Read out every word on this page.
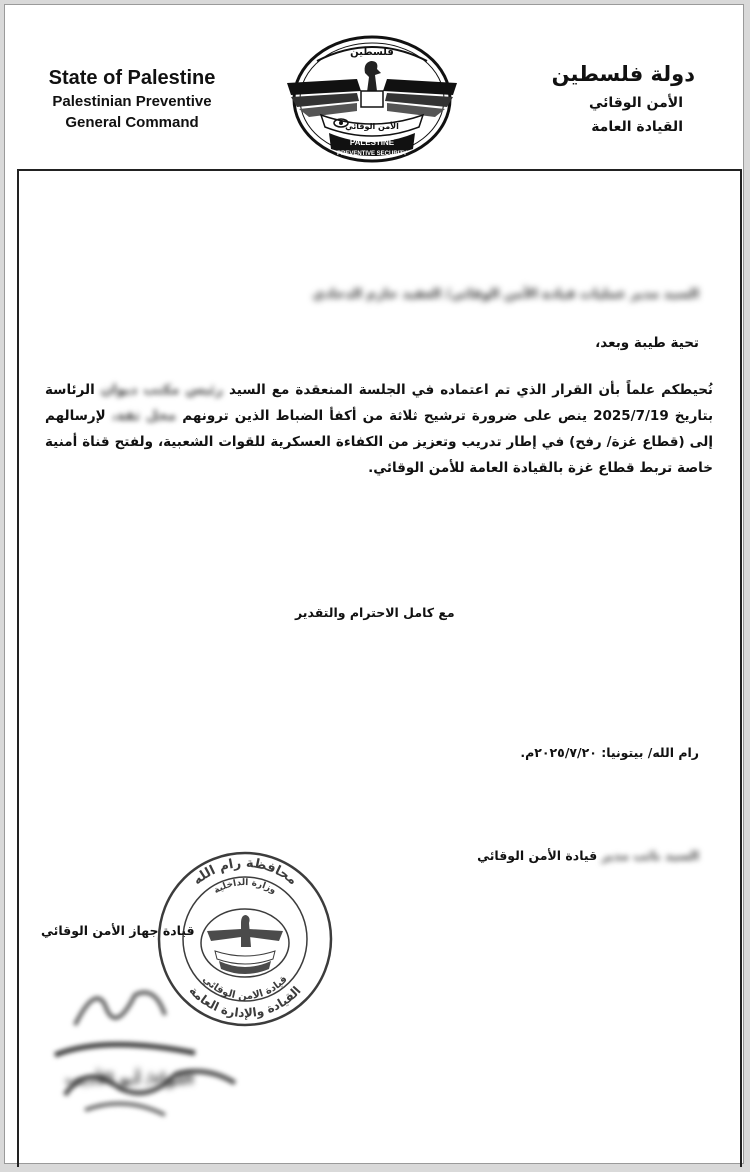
State of Palestine
Palestinian Preventive
General Command
دولة فلسطين
الأمن الوقائي
القيادة العامة
فلسطين
الأمن الوقائي
PALESTINE
PREVENTIVE SECURITY
السيد مدير عمليات قيادة الأمن الوقائي/ العقيد حازم الدحادي
تحية طيبة وبعد،
نُحيطكم علماً بأن القرار الذي تم اعتماده في الجلسة المنعقدة مع السيد رئيس مكتب ديوان الرئاسة بتاريخ 2025/7/19 ينص على ضرورة ترشيح ثلاثة من أكفأ الضباط الذين ترونهم محل ثقة، لإرسالهم إلى (قطاع غزة/ رفح) في إطار تدريب وتعزيز من الكفاءة العسكرية للقوات الشعبية، ولفتح قناة أمنية خاصة تربط قطاع غزة بالقيادة العامة للأمن الوقائي.
مع كامل الاحترام والتقدير
رام الله/ بيتونيا: ٢٠٢٥/٧/٢٠م.
السيد نائب مدير قيادة الأمن الوقائي
قيادة جهاز الأمن الوقائي
اللواء/ أبو الأديب
محافظة رام الله
القيادة والإدارة العامة
وزارة الداخلية
قيادة الامن الوقائي
